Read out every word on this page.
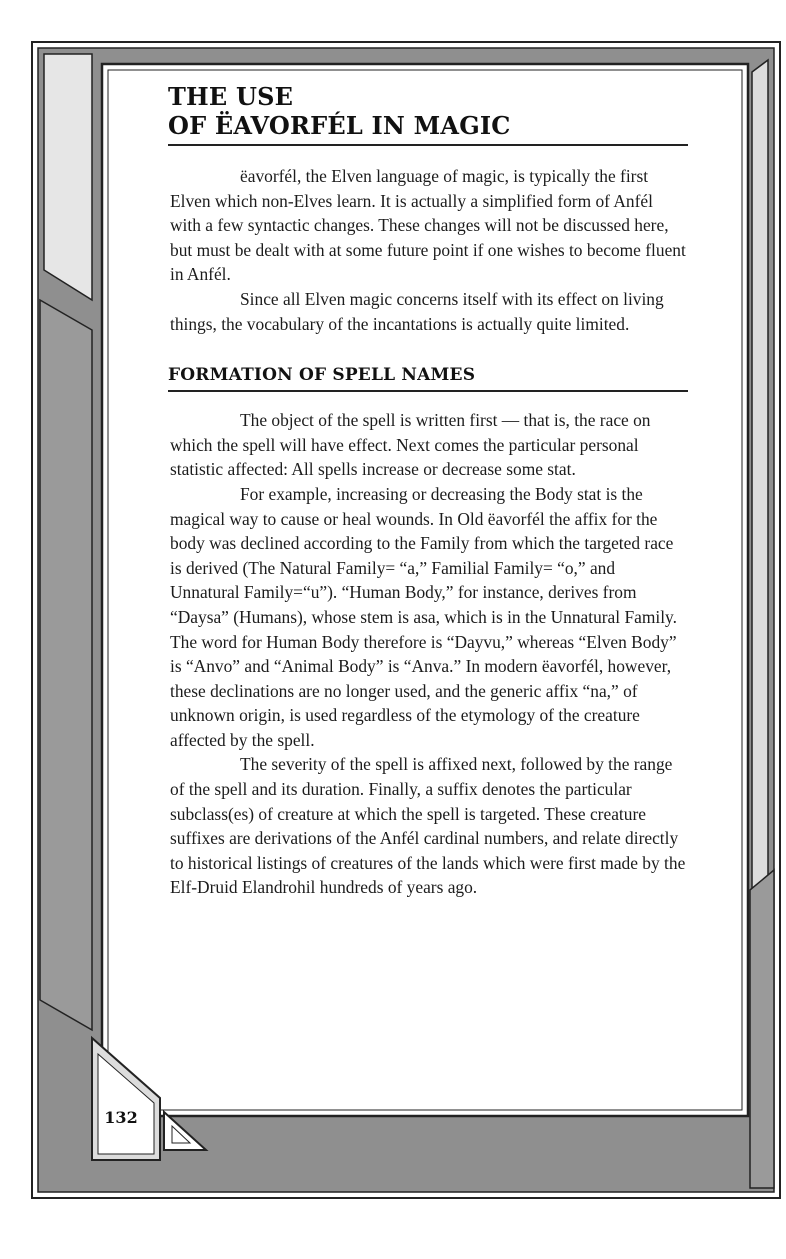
THE USE
OF ËAVORFÉL IN MAGIC

ëavorfél, the Elven language of magic, is typically the first Elven which non-Elves learn. It is actually a simplified form of Anfél with a few syntactic changes. These changes will not be discussed here, but must be dealt with at some future point if one wishes to become fluent in Anfél.

Since all Elven magic concerns itself with its effect on living things, the vocabulary of the incantations is actually quite limited.

FORMATION OF SPELL NAMES

The object of the spell is written first — that is, the race on which the spell will have effect. Next comes the particular personal statistic affected: All spells increase or decrease some stat.

For example, increasing or decreasing the Body stat is the magical way to cause or heal wounds. In Old ëavorfél the affix for the body was declined according to the Family from which the targeted race is derived (The Natural Family= “a,” Familial Family= “o,” and Unnatural Family=“u”). “Human Body,” for instance, derives from “Daysa” (Humans), whose stem is asa, which is in the Unnatural Family. The word for Human Body therefore is “Dayvu,” whereas “Elven Body” is “Anvo” and “Animal Body” is “Anva.” In modern ëavorfél, however, these declinations are no longer used, and the generic affix “na,” of unknown origin, is used regardless of the etymology of the creature affected by the spell.

The severity of the spell is affixed next, followed by the range of the spell and its duration. Finally, a suffix denotes the particular subclass(es) of creature at which the spell is targeted. These creature suffixes are derivations of the Anfél cardinal numbers, and relate directly to historical listings of creatures of the lands which were first made by the Elf-Druid Elandrohil hundreds of years ago.

132
